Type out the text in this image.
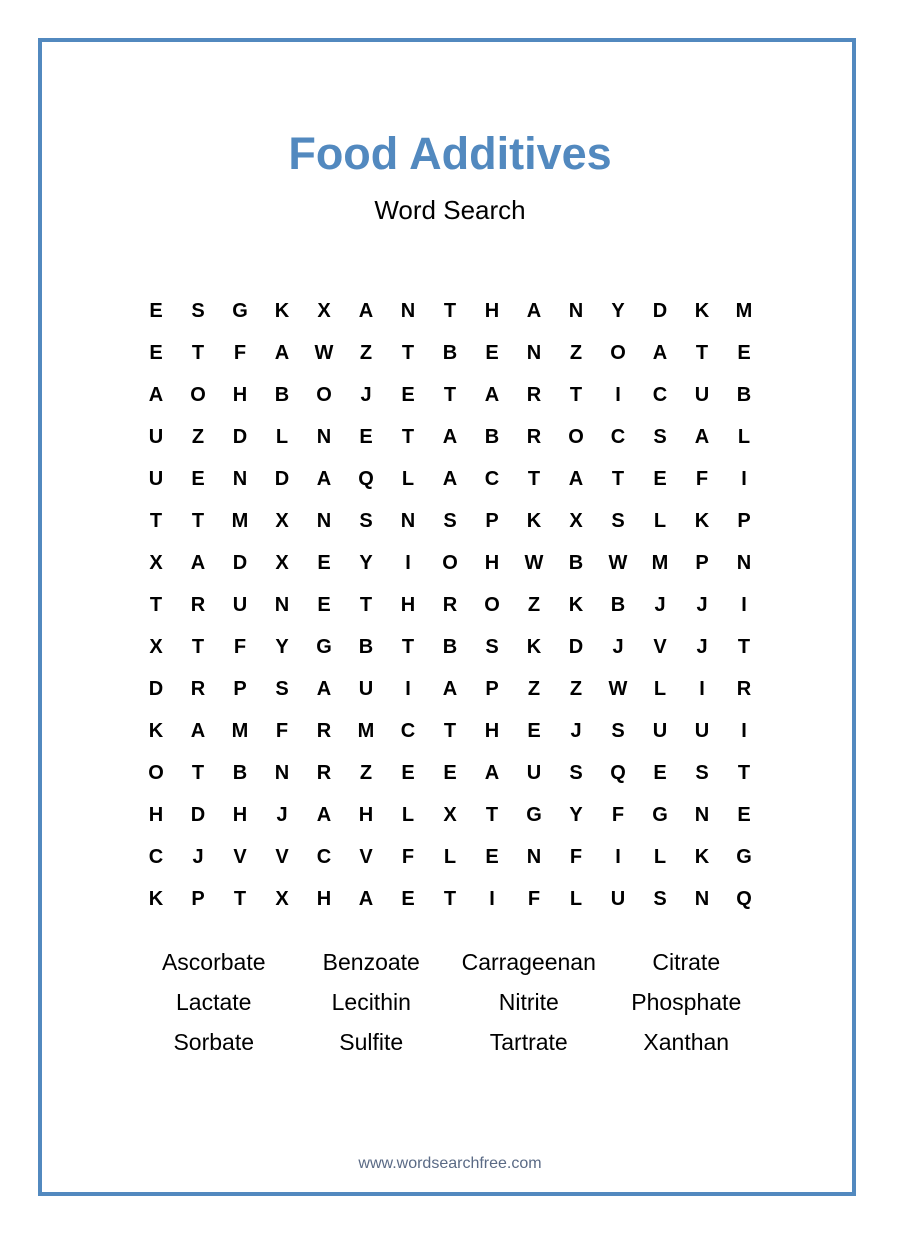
Food Additives
Word Search
E	S	G	K	X	A	N	T	H	A	N	Y	D	K	M
E	T	F	A	W	Z	T	B	E	N	Z	O	A	T	E
A	O	H	B	O	J	E	T	A	R	T	I	C	U	B
U	Z	D	L	N	E	T	A	B	R	O	C	S	A	L
U	E	N	D	A	Q	L	A	C	T	A	T	E	F	I
T	T	M	X	N	S	N	S	P	K	X	S	L	K	P
X	A	D	X	E	Y	I	O	H	W	B	W	M	P	N
T	R	U	N	E	T	H	R	O	Z	K	B	J	J	I
X	T	F	Y	G	B	T	B	S	K	D	J	V	J	T
D	R	P	S	A	U	I	A	P	Z	Z	W	L	I	R
K	A	M	F	R	M	C	T	H	E	J	S	U	U	I
O	T	B	N	R	Z	E	E	A	U	S	Q	E	S	T
H	D	H	J	A	H	L	X	T	G	Y	F	G	N	E
C	J	V	V	C	V	F	L	E	N	F	I	L	K	G
K	P	T	X	H	A	E	T	I	F	L	U	S	N	Q
Ascorbate	Benzoate	Carrageenan	Citrate
Lactate	Lecithin	Nitrite	Phosphate
Sorbate	Sulfite	Tartrate	Xanthan
www.wordsearchfree.com
